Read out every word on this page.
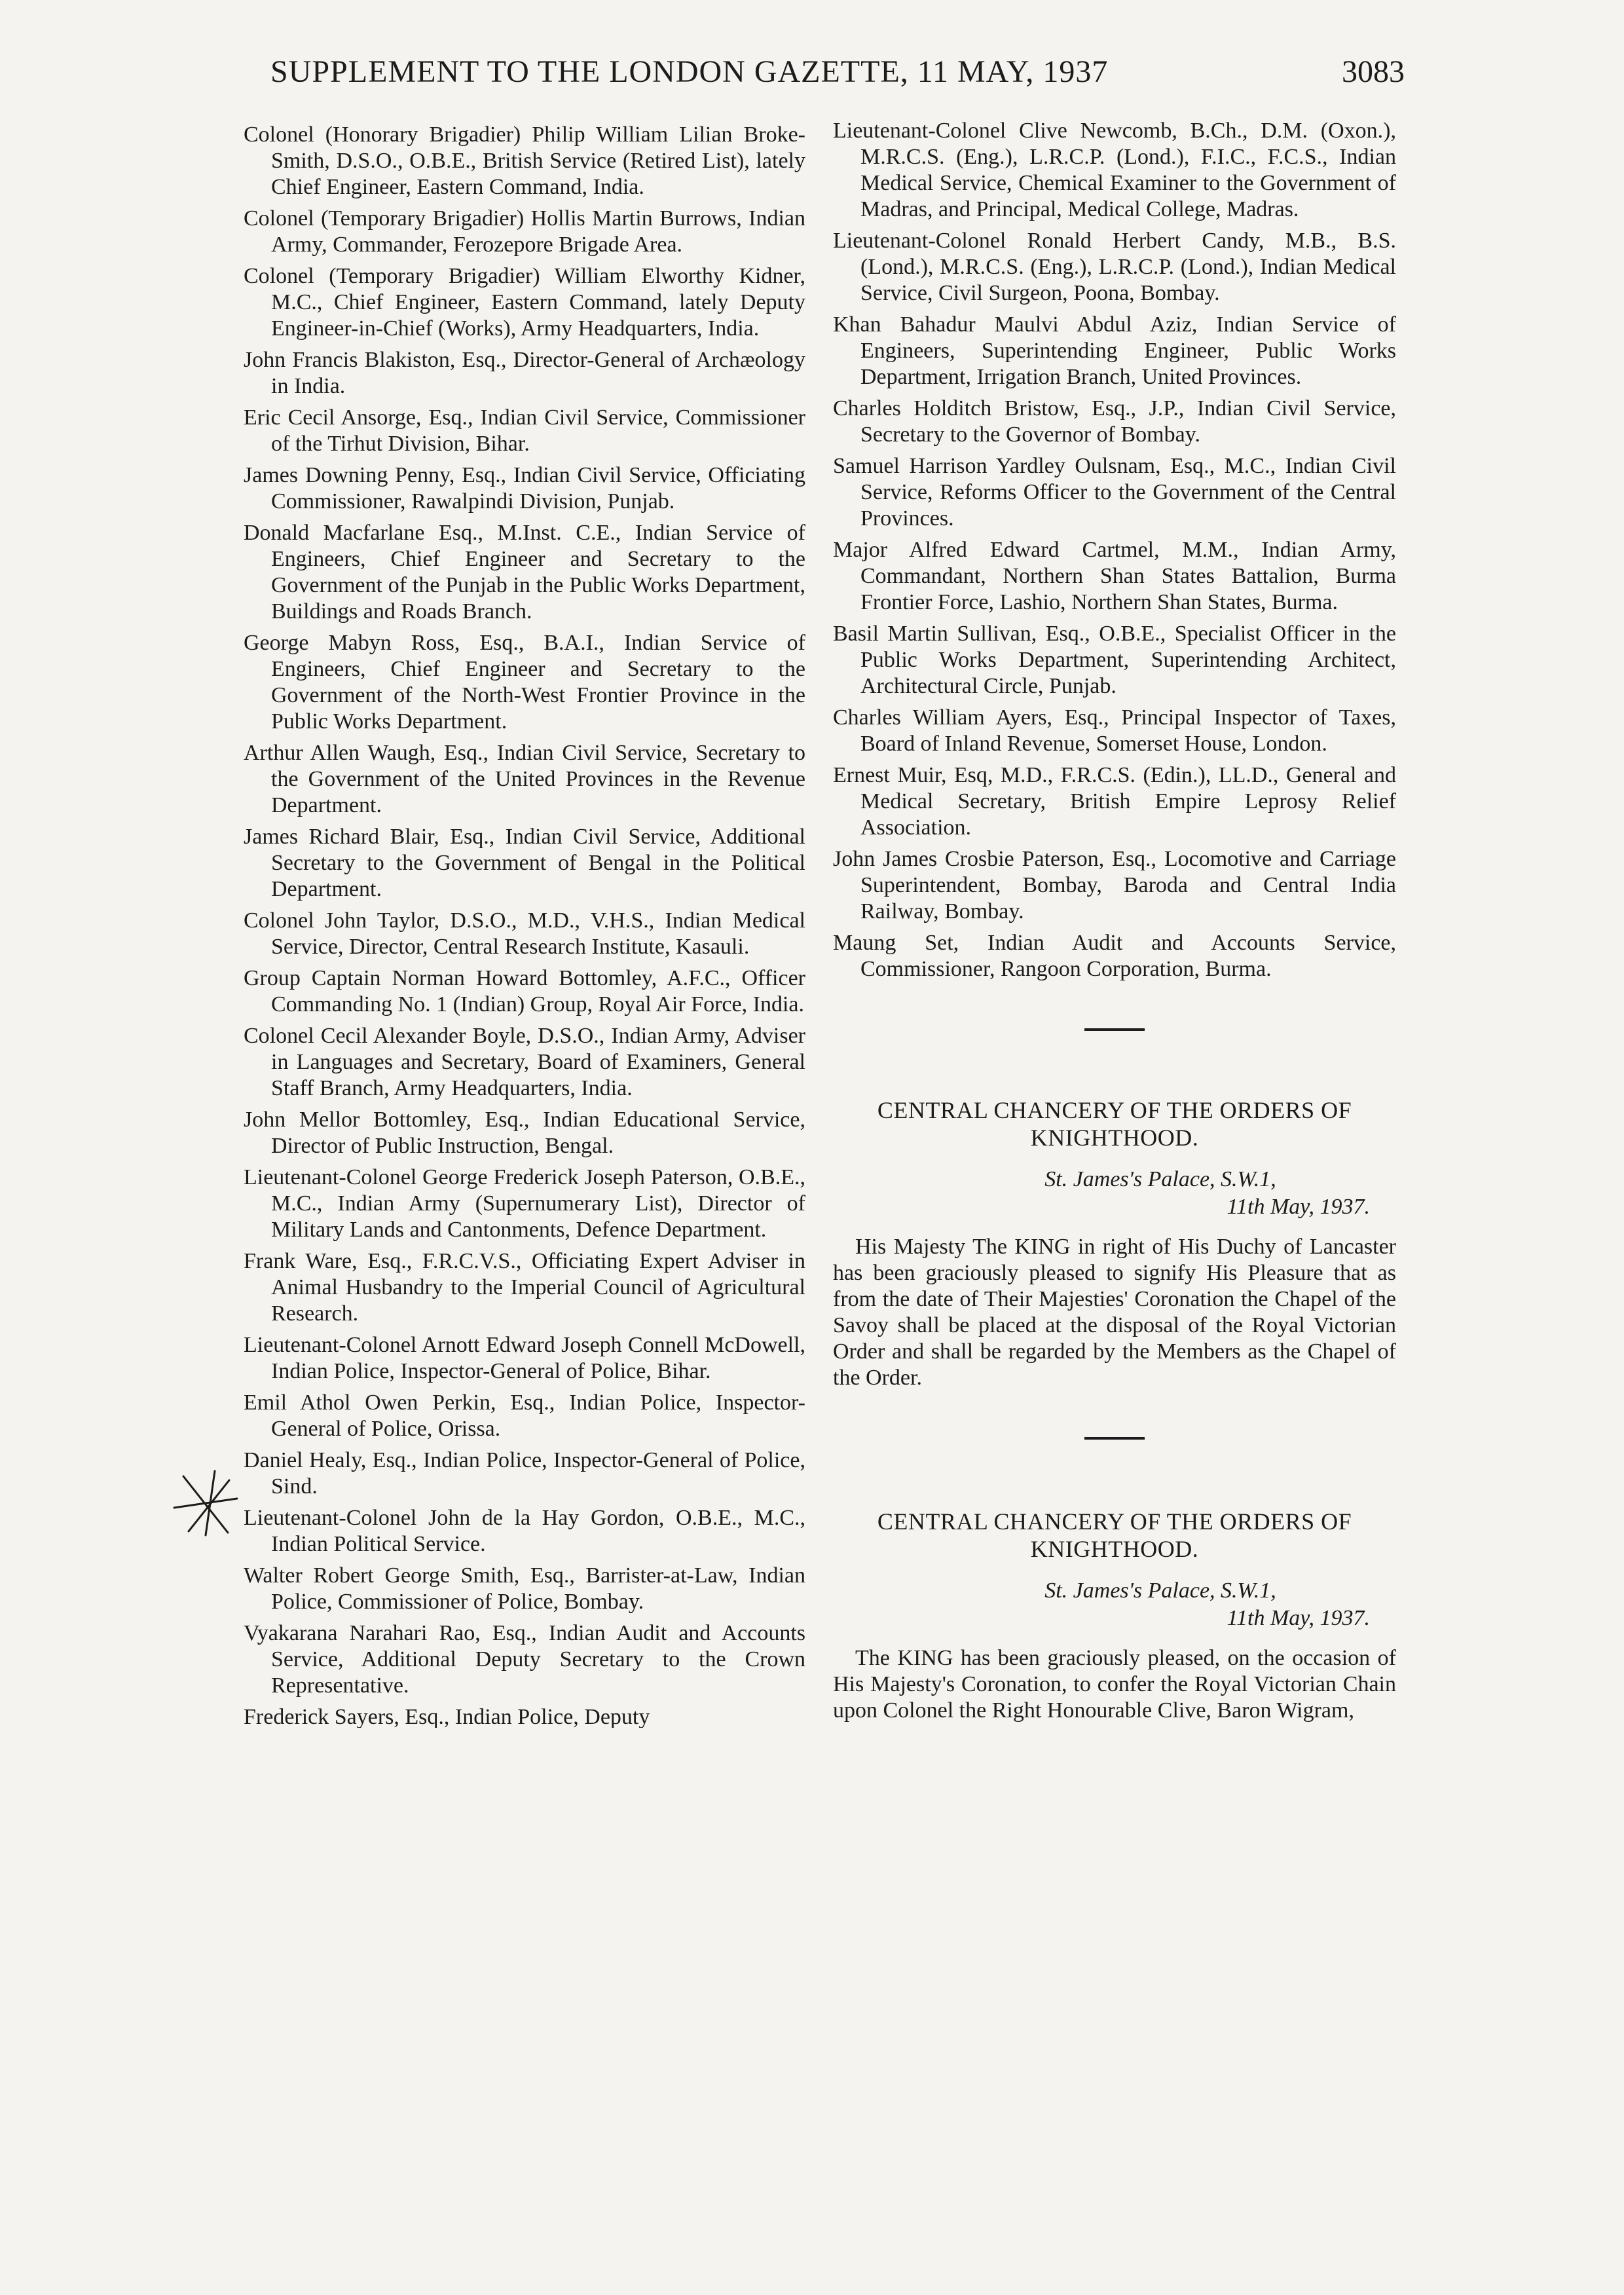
SUPPLEMENT TO THE LONDON GAZETTE, 11 MAY, 1937	3083

Colonel (Honorary Brigadier) Philip William Lilian Broke-Smith, D.S.O., O.B.E., British Service (Retired List), lately Chief Engineer, Eastern Command, India.

Colonel (Temporary Brigadier) Hollis Martin Burrows, Indian Army, Commander, Ferozepore Brigade Area.

Colonel (Temporary Brigadier) William Elworthy Kidner, M.C., Chief Engineer, Eastern Command, lately Deputy Engineer-in-Chief (Works), Army Headquarters, India.

John Francis Blakiston, Esq., Director-General of Archæology in India.

Eric Cecil Ansorge, Esq., Indian Civil Service, Commissioner of the Tirhut Division, Bihar.

James Downing Penny, Esq., Indian Civil Service, Officiating Commissioner, Rawalpindi Division, Punjab.

Donald Macfarlane Esq., M.Inst. C.E., Indian Service of Engineers, Chief Engineer and Secretary to the Government of the Punjab in the Public Works Department, Buildings and Roads Branch.

George Mabyn Ross, Esq., B.A.I., Indian Service of Engineers, Chief Engineer and Secretary to the Government of the North-West Frontier Province in the Public Works Department.

Arthur Allen Waugh, Esq., Indian Civil Service, Secretary to the Government of the United Provinces in the Revenue Department.

James Richard Blair, Esq., Indian Civil Service, Additional Secretary to the Government of Bengal in the Political Department.

Colonel John Taylor, D.S.O., M.D., V.H.S., Indian Medical Service, Director, Central Research Institute, Kasauli.

Group Captain Norman Howard Bottomley, A.F.C., Officer Commanding No. 1 (Indian) Group, Royal Air Force, India.

Colonel Cecil Alexander Boyle, D.S.O., Indian Army, Adviser in Languages and Secretary, Board of Examiners, General Staff Branch, Army Headquarters, India.

John Mellor Bottomley, Esq., Indian Educational Service, Director of Public Instruction, Bengal.

Lieutenant-Colonel George Frederick Joseph Paterson, O.B.E., M.C., Indian Army (Supernumerary List), Director of Military Lands and Cantonments, Defence Department.

Frank Ware, Esq., F.R.C.V.S., Officiating Expert Adviser in Animal Husbandry to the Imperial Council of Agricultural Research.

Lieutenant-Colonel Arnott Edward Joseph Connell McDowell, Indian Police, Inspector-General of Police, Bihar.

Emil Athol Owen Perkin, Esq., Indian Police, Inspector-General of Police, Orissa.

Daniel Healy, Esq., Indian Police, Inspector-General of Police, Sind.

Lieutenant-Colonel John de la Hay Gordon, O.B.E., M.C., Indian Political Service.

Walter Robert George Smith, Esq., Barrister-at-Law, Indian Police, Commissioner of Police, Bombay.

Vyakarana Narahari Rao, Esq., Indian Audit and Accounts Service, Additional Deputy Secretary to the Crown Representative.

Frederick Sayers, Esq., Indian Police, Deputy

Lieutenant-Colonel Clive Newcomb, B.Ch., D.M. (Oxon.), M.R.C.S. (Eng.), L.R.C.P. (Lond.), F.I.C., F.C.S., Indian Medical Service, Chemical Examiner to the Government of Madras, and Principal, Medical College, Madras.

Lieutenant-Colonel Ronald Herbert Candy, M.B., B.S. (Lond.), M.R.C.S. (Eng.), L.R.C.P. (Lond.), Indian Medical Service, Civil Surgeon, Poona, Bombay.

Khan Bahadur Maulvi Abdul Aziz, Indian Service of Engineers, Superintending Engineer, Public Works Department, Irrigation Branch, United Provinces.

Charles Holditch Bristow, Esq., J.P., Indian Civil Service, Secretary to the Governor of Bombay.

Samuel Harrison Yardley Oulsnam, Esq., M.C., Indian Civil Service, Reforms Officer to the Government of the Central Provinces.

Major Alfred Edward Cartmel, M.M., Indian Army, Commandant, Northern Shan States Battalion, Burma Frontier Force, Lashio, Northern Shan States, Burma.

Basil Martin Sullivan, Esq., O.B.E., Specialist Officer in the Public Works Department, Superintending Architect, Architectural Circle, Punjab.

Charles William Ayers, Esq., Principal Inspector of Taxes, Board of Inland Revenue, Somerset House, London.

Ernest Muir, Esq, M.D., F.R.C.S. (Edin.), LL.D., General and Medical Secretary, British Empire Leprosy Relief Association.

John James Crosbie Paterson, Esq., Locomotive and Carriage Superintendent, Bombay, Baroda and Central India Railway, Bombay.

Maung Set, Indian Audit and Accounts Service, Commissioner, Rangoon Corporation, Burma.

CENTRAL CHANCERY OF THE ORDERS OF KNIGHTHOOD.

St. James's Palace, S.W.1,

11th May, 1937.

His Majesty The KING in right of His Duchy of Lancaster has been graciously pleased to signify His Pleasure that as from the date of Their Majesties' Coronation the Chapel of the Savoy shall be placed at the disposal of the Royal Victorian Order and shall be regarded by the Members as the Chapel of the Order.

CENTRAL CHANCERY OF THE ORDERS OF KNIGHTHOOD.

St. James's Palace, S.W.1,

11th May, 1937.

The KING has been graciously pleased, on the occasion of His Majesty's Coronation, to confer the Royal Victorian Chain upon Colonel the Right Honourable Clive, Baron Wigram,
